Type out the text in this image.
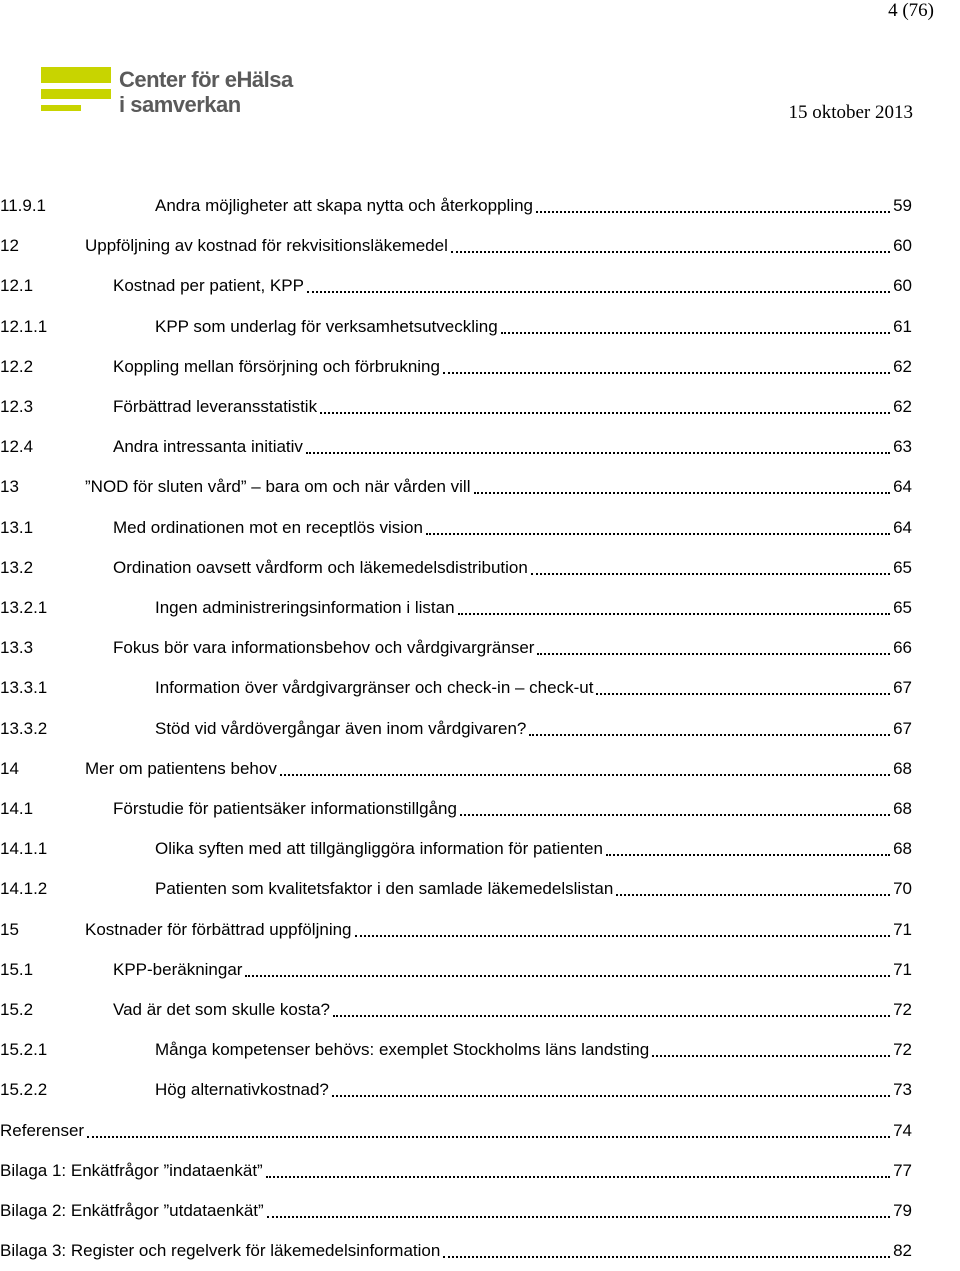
4 (76)
Center för eHälsa
i samverkan	15 oktober 2013
11.9.1	Andra möjligheter att skapa nytta och återkoppling	59
12	Uppföljning av kostnad för rekvisitionsläkemedel	60
12.1	Kostnad per patient, KPP	60
12.1.1	KPP som underlag för verksamhetsutveckling	61
12.2	Koppling mellan försörjning och förbrukning	62
12.3	Förbättrad leveransstatistik	62
12.4	Andra intressanta initiativ	63
13	”NOD för sluten vård” – bara om och när vården vill	64
13.1	Med ordinationen mot en receptlös vision	64
13.2	Ordination oavsett vårdform och läkemedelsdistribution	65
13.2.1	Ingen administreringsinformation i listan	65
13.3	Fokus bör vara informationsbehov och vårdgivargränser	66
13.3.1	Information över vårdgivargränser och check-in – check-ut	67
13.3.2	Stöd vid vårdövergångar även inom vårdgivaren?	67
14	Mer om patientens behov	68
14.1	Förstudie för patientsäker informationstillgång	68
14.1.1	Olika syften med att tillgängliggöra information för patienten	68
14.1.2	Patienten som kvalitetsfaktor i den samlade läkemedelslistan	70
15	Kostnader för förbättrad uppföljning	71
15.1	KPP-beräkningar	71
15.2	Vad är det som skulle kosta?	72
15.2.1	Många kompetenser behövs: exemplet Stockholms läns landsting	72
15.2.2	Hög alternativkostnad?	73
Referenser	74
Bilaga 1: Enkätfrågor ”indataenkät”	77
Bilaga 2: Enkätfrågor ”utdataenkät”	79
Bilaga 3: Register och regelverk för läkemedelsinformation	82
